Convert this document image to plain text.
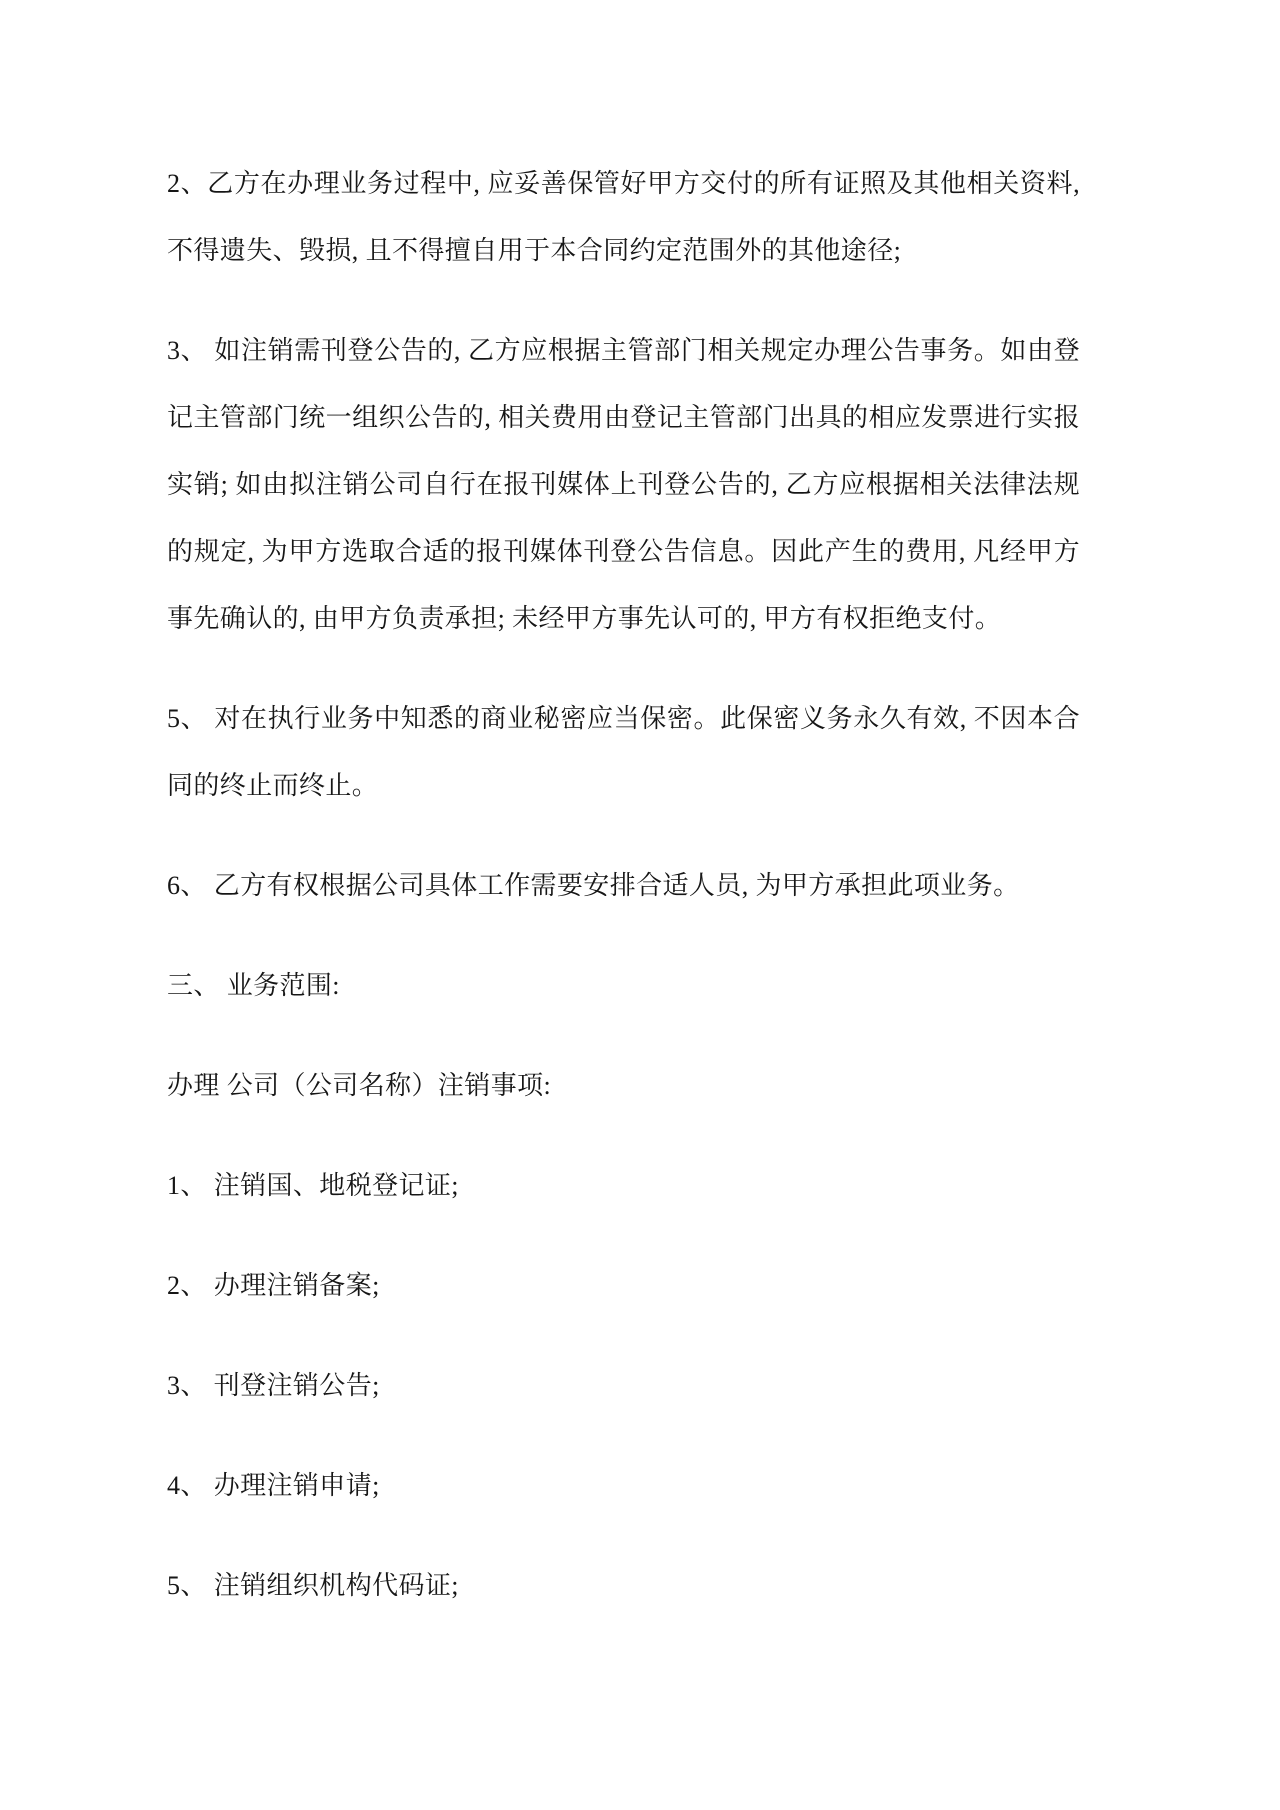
2、乙方在办理业务过程中, 应妥善保管好甲方交付的所有证照及其他相关资料, 不得遗失、毁损, 且不得擅自用于本合同约定范围外的其他途径;

3、 如注销需刊登公告的, 乙方应根据主管部门相关规定办理公告事务。如由登记主管部门统一组织公告的, 相关费用由登记主管部门出具的相应发票进行实报实销; 如由拟注销公司自行在报刊媒体上刊登公告的, 乙方应根据相关法律法规的规定, 为甲方选取合适的报刊媒体刊登公告信息。因此产生的费用, 凡经甲方事先确认的, 由甲方负责承担; 未经甲方事先认可的, 甲方有权拒绝支付。

5、 对在执行业务中知悉的商业秘密应当保密。此保密义务永久有效, 不因本合同的终止而终止。

6、 乙方有权根据公司具体工作需要安排合适人员, 为甲方承担此项业务。

三、 业务范围:

办理 公司（公司名称）注销事项:

1、 注销国、地税登记证;

2、 办理注销备案;

3、 刊登注销公告;

4、 办理注销申请;

5、 注销组织机构代码证;
